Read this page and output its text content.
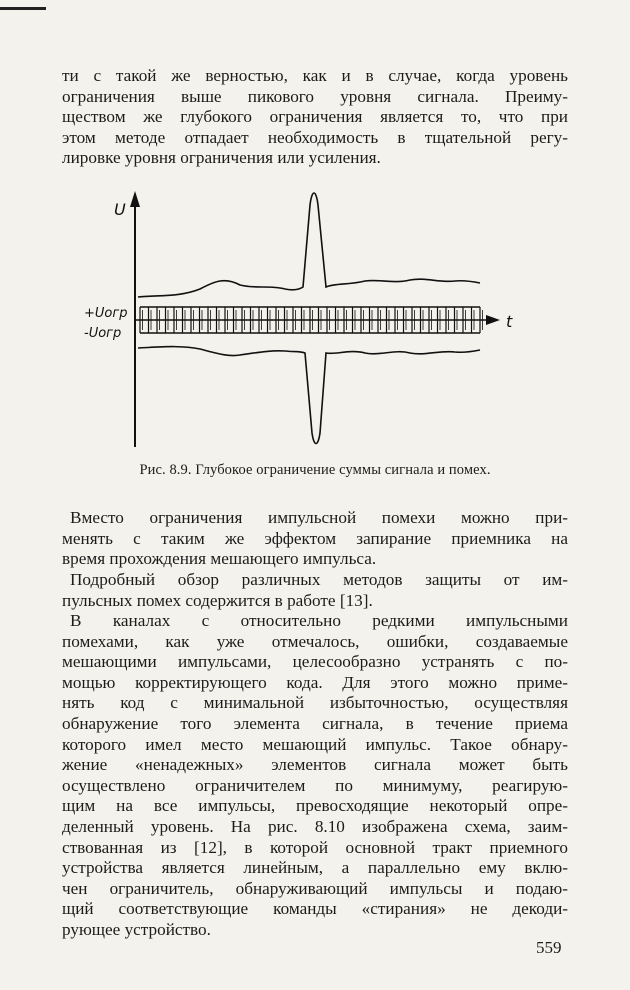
ти с такой же верностью, как и в случае, когда уровень
ограничения выше пикового уровня сигнала. Преиму-
ществом же глубокого ограничения является то, что при
этом методе отпадает необходимость в тщательной регу-
лировке уровня ограничения или усиления.
U
t
+Uогр
-Uогр
Рис. 8.9. Глубокое ограничение суммы сигнала и помех.
Вместо ограничения импульсной помехи можно при-
менять с таким же эффектом запирание приемника на
время прохождения мешающего импульса.
Подробный обзор различных методов защиты от им-
пульсных помех содержится в работе [13].
В каналах с относительно редкими импульсными
помехами, как уже отмечалось, ошибки, создаваемые
мешающими импульсами, целесообразно устранять с по-
мощью корректирующего кода. Для этого можно приме-
нять код с минимальной избыточностью, осуществляя
обнаружение того элемента сигнала, в течение приема
которого имел место мешающий импульс. Такое обнару-
жение «ненадежных» элементов сигнала может быть
осуществлено ограничителем по минимуму, реагирую-
щим на все импульсы, превосходящие некоторый опре-
деленный уровень. На рис. 8.10 изображена схема, заим-
ствованная из [12], в которой основной тракт приемного
устройства является линейным, а параллельно ему вклю-
чен ограничитель, обнаруживающий импульсы и подаю-
щий соответствующие команды «стирания» не декоди-
рующее устройство.
559
